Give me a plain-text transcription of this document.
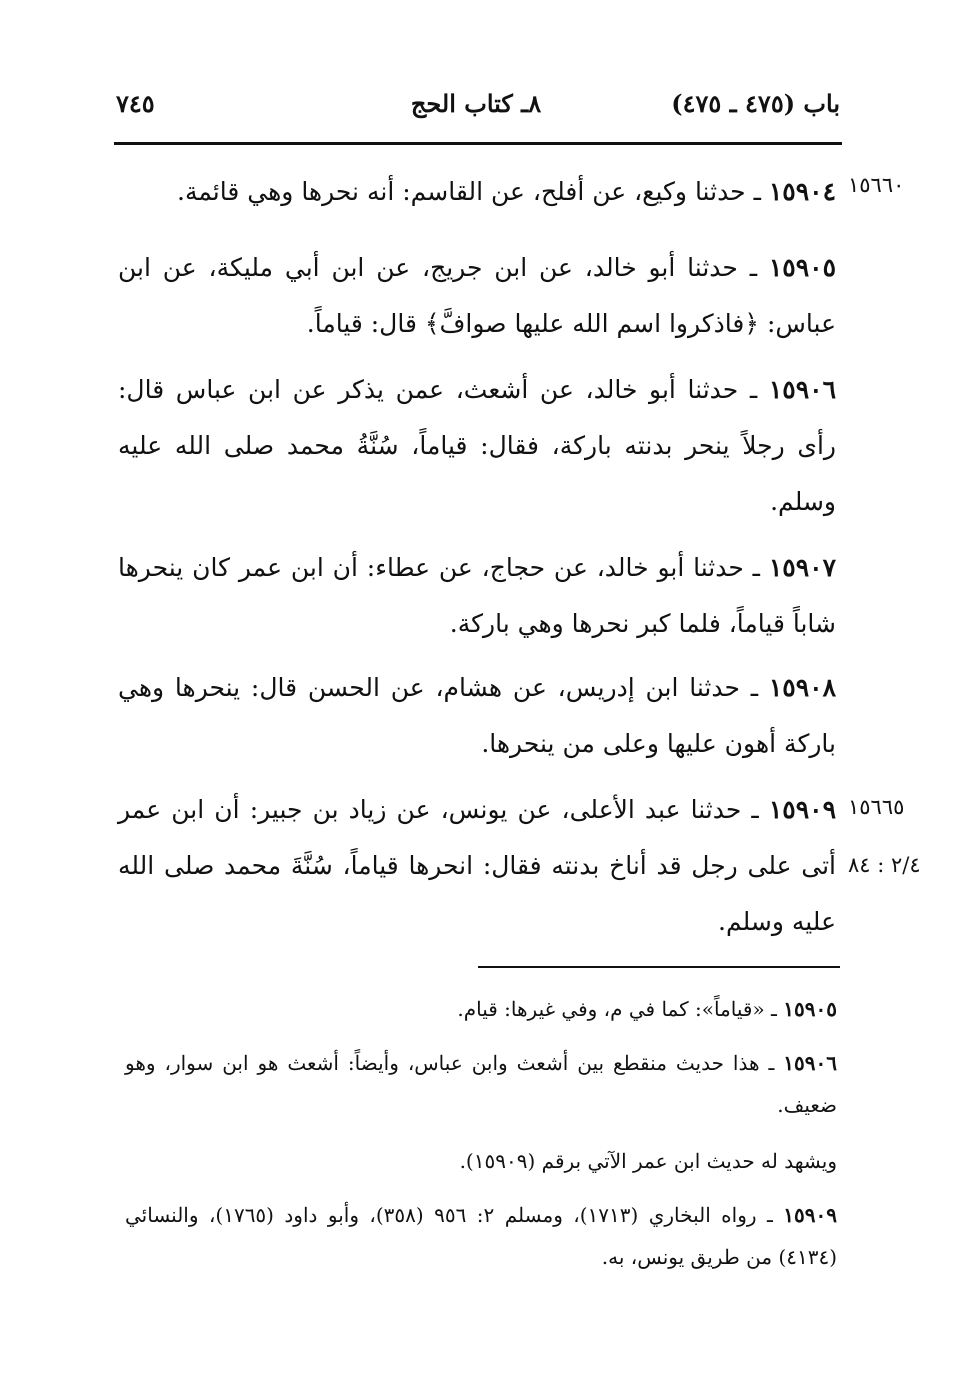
باب (٤٧٥ ـ ٤٧٥)
٨ـ كتاب الحج
٧٤٥
١٥٦٦٠
١٥٦٦٥
٢/٤ : ٨٤

١٥٩٠٤ ـ حدثنا وكيع، عن أفلح، عن القاسم: أنه نحرها وهي قائمة.

١٥٩٠٥ ـ حدثنا أبو خالد، عن ابن جريج، عن ابن أبي مليكة، عن ابن عباس: ﴿فاذكروا اسم الله عليها صوافَّ﴾ قال: قياماً.

١٥٩٠٦ ـ حدثنا أبو خالد، عن أشعث، عمن يذكر عن ابن عباس قال: رأى رجلاً ينحر بدنته باركة، فقال: قياماً، سُنَّةُ محمد صلى الله عليه وسلم.

١٥٩٠٧ ـ حدثنا أبو خالد، عن حجاج، عن عطاء: أن ابن عمر كان ينحرها شاباً قياماً، فلما كبر نحرها وهي باركة.

١٥٩٠٨ ـ حدثنا ابن إدريس، عن هشام، عن الحسن قال: ينحرها وهي باركة أهون عليها وعلى من ينحرها.

١٥٩٠٩ ـ حدثنا عبد الأعلى، عن يونس، عن زياد بن جبير: أن ابن عمر أتى على رجل قد أناخ بدنته فقال: انحرها قياماً، سُنَّةَ محمد صلى الله عليه وسلم.

١٥٩٠٥ ـ «قياماً»: كما في م، وفي غيرها: قيام.

١٥٩٠٦ ـ هذا حديث منقطع بين أشعث وابن عباس، وأيضاً: أشعث هو ابن سوار، وهو ضعيف.

ويشهد له حديث ابن عمر الآتي برقم (١٥٩٠٩).

١٥٩٠٩ ـ رواه البخاري (١٧١٣)، ومسلم ٢: ٩٥٦ (٣٥٨)، وأبو داود (١٧٦٥)، والنسائي (٤١٣٤) من طريق يونس، به.
